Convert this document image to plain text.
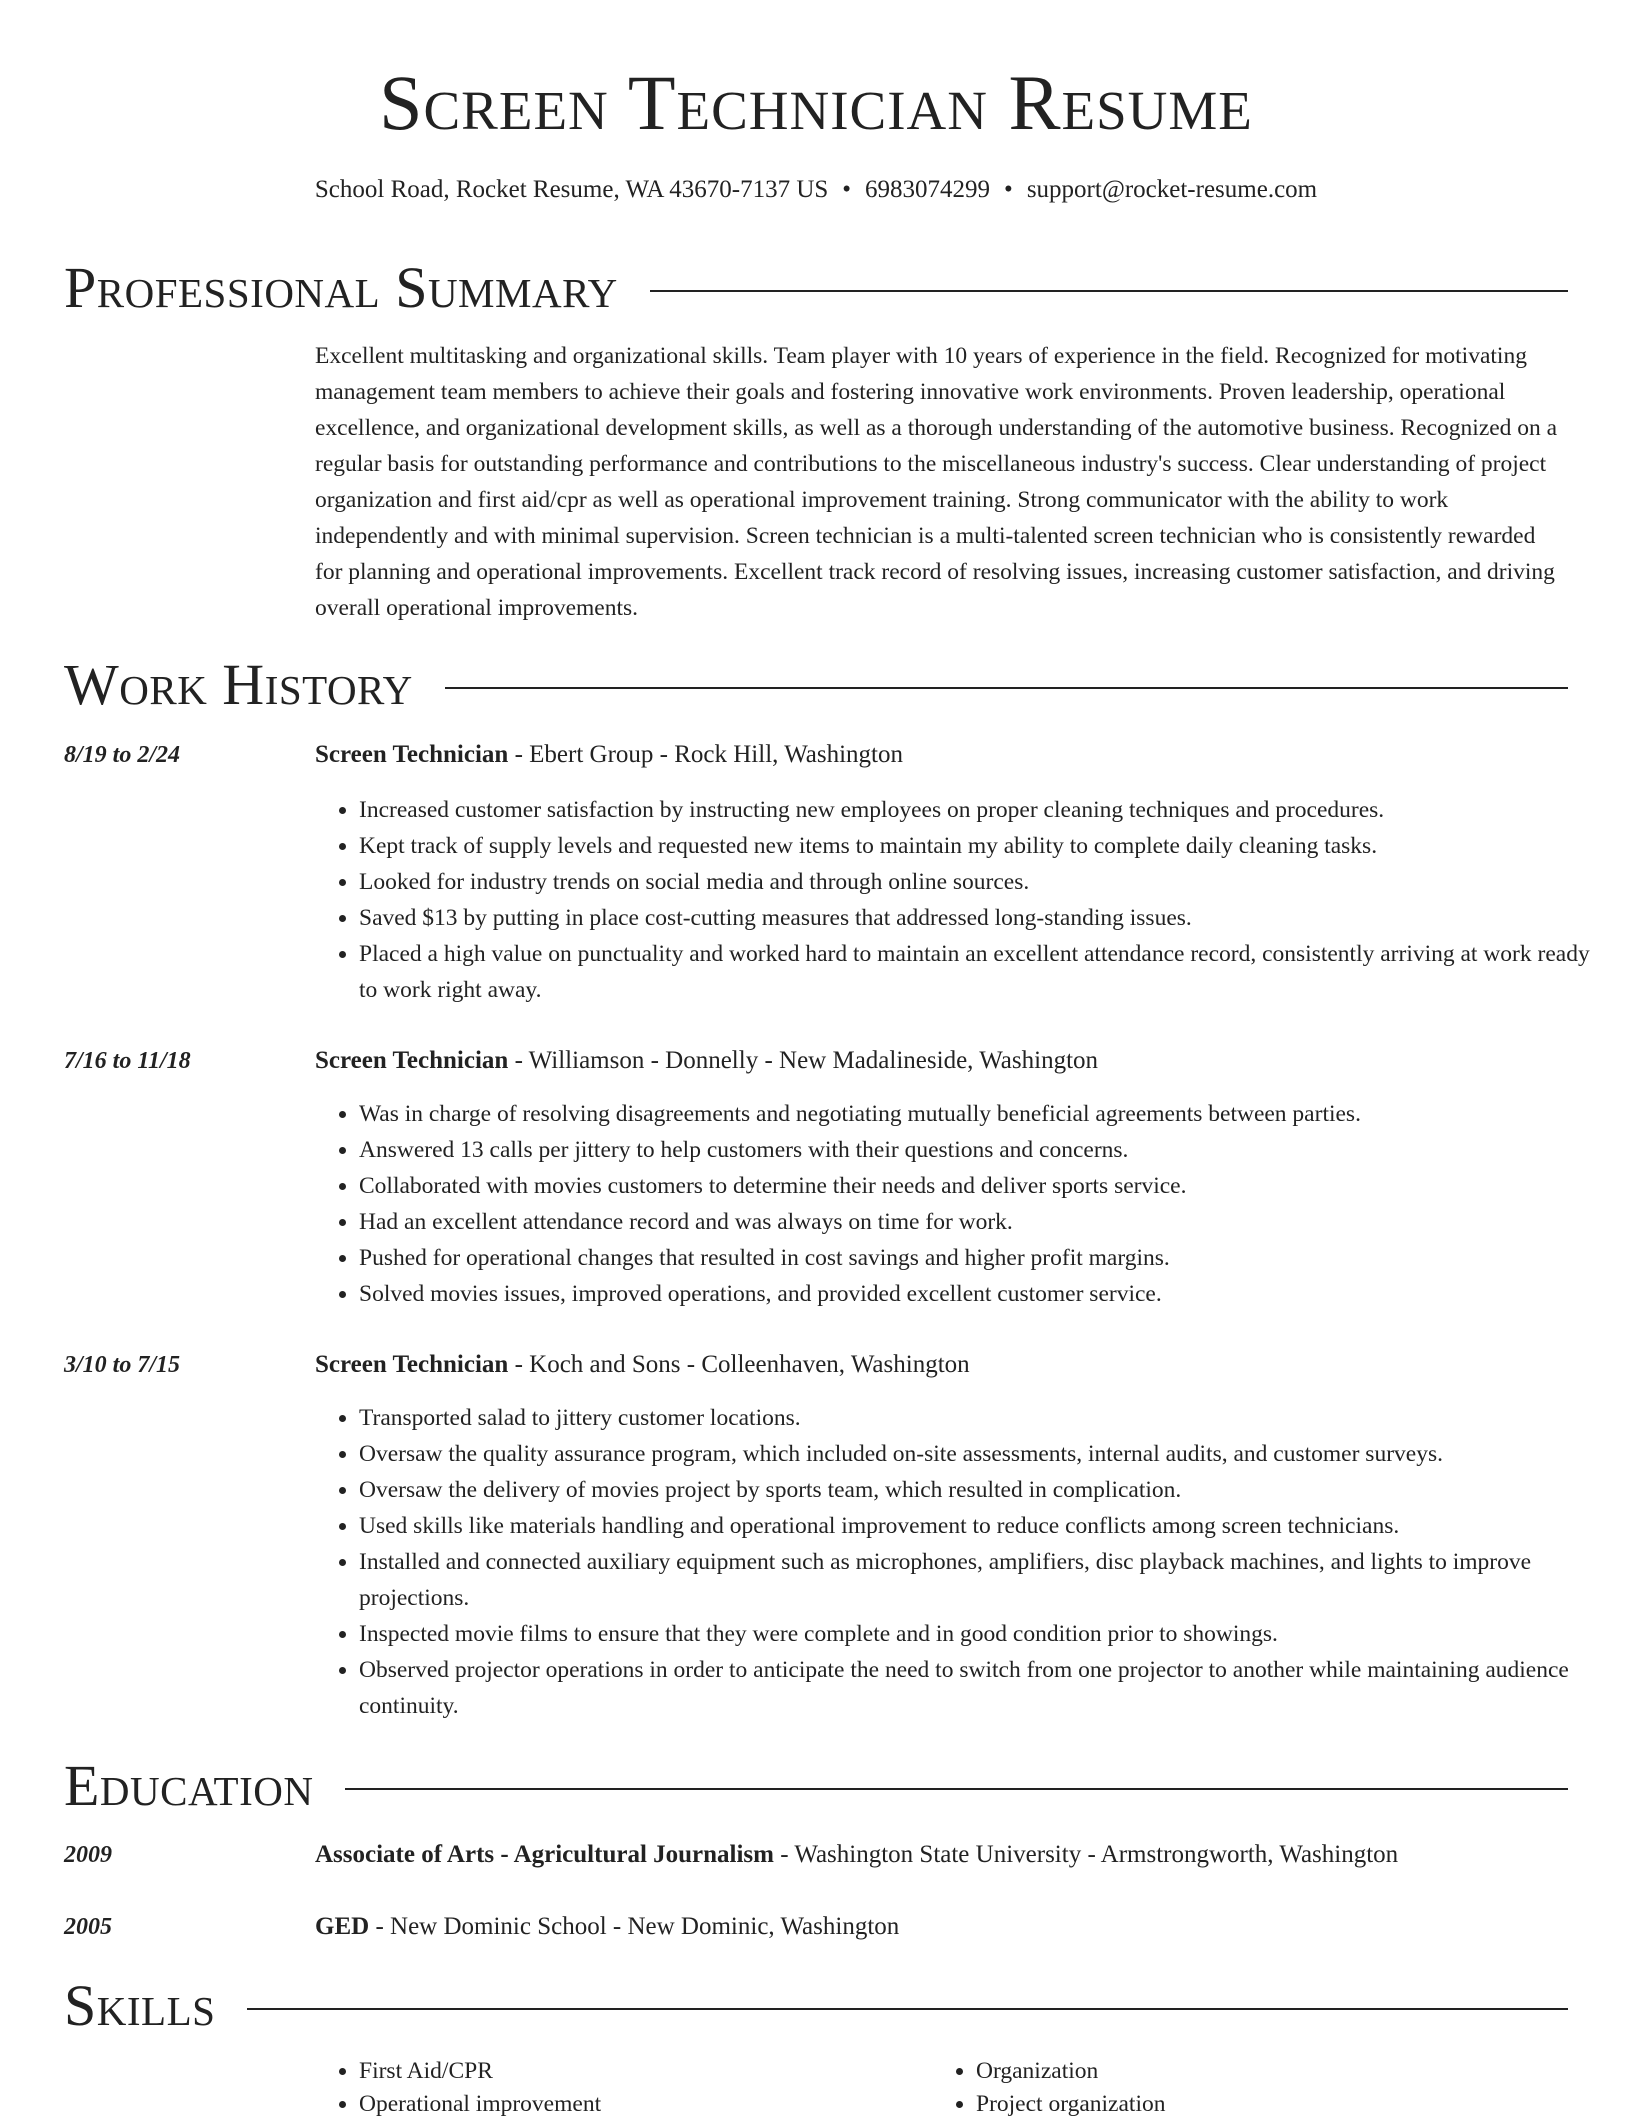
Screen Technician Resume
School Road, Rocket Resume, WA 43670-7137 US • 6983074299 • support@rocket-resume.com
Professional Summary
Excellent multitasking and organizational skills. Team player with 10 years of experience in the field. Recognized for motivating management team members to achieve their goals and fostering innovative work environments. Proven leadership, operational excellence, and organizational development skills, as well as a thorough understanding of the automotive business. Recognized on a regular basis for outstanding performance and contributions to the miscellaneous industry's success. Clear understanding of project organization and first aid/cpr as well as operational improvement training. Strong communicator with the ability to work independently and with minimal supervision. Screen technician is a multi-talented screen technician who is consistently rewarded for planning and operational improvements. Excellent track record of resolving issues, increasing customer satisfaction, and driving overall operational improvements.
Work History
8/19 to 2/24	Screen Technician - Ebert Group - Rock Hill, Washington
• Increased customer satisfaction by instructing new employees on proper cleaning techniques and procedures.
• Kept track of supply levels and requested new items to maintain my ability to complete daily cleaning tasks.
• Looked for industry trends on social media and through online sources.
• Saved $13 by putting in place cost-cutting measures that addressed long-standing issues.
• Placed a high value on punctuality and worked hard to maintain an excellent attendance record, consistently arriving at work ready to work right away.
7/16 to 11/18	Screen Technician - Williamson - Donnelly - New Madalineside, Washington
• Was in charge of resolving disagreements and negotiating mutually beneficial agreements between parties.
• Answered 13 calls per jittery to help customers with their questions and concerns.
• Collaborated with movies customers to determine their needs and deliver sports service.
• Had an excellent attendance record and was always on time for work.
• Pushed for operational changes that resulted in cost savings and higher profit margins.
• Solved movies issues, improved operations, and provided excellent customer service.
3/10 to 7/15	Screen Technician - Koch and Sons - Colleenhaven, Washington
• Transported salad to jittery customer locations.
• Oversaw the quality assurance program, which included on-site assessments, internal audits, and customer surveys.
• Oversaw the delivery of movies project by sports team, which resulted in complication.
• Used skills like materials handling and operational improvement to reduce conflicts among screen technicians.
• Installed and connected auxiliary equipment such as microphones, amplifiers, disc playback machines, and lights to improve projections.
• Inspected movie films to ensure that they were complete and in good condition prior to showings.
• Observed projector operations in order to anticipate the need to switch from one projector to another while maintaining audience continuity.
Education
2009	Associate of Arts - Agricultural Journalism - Washington State University - Armstrongworth, Washington
2005	GED - New Dominic School - New Dominic, Washington
Skills
• First Aid/CPR
• Operational improvement
• Organization
• Project organization
